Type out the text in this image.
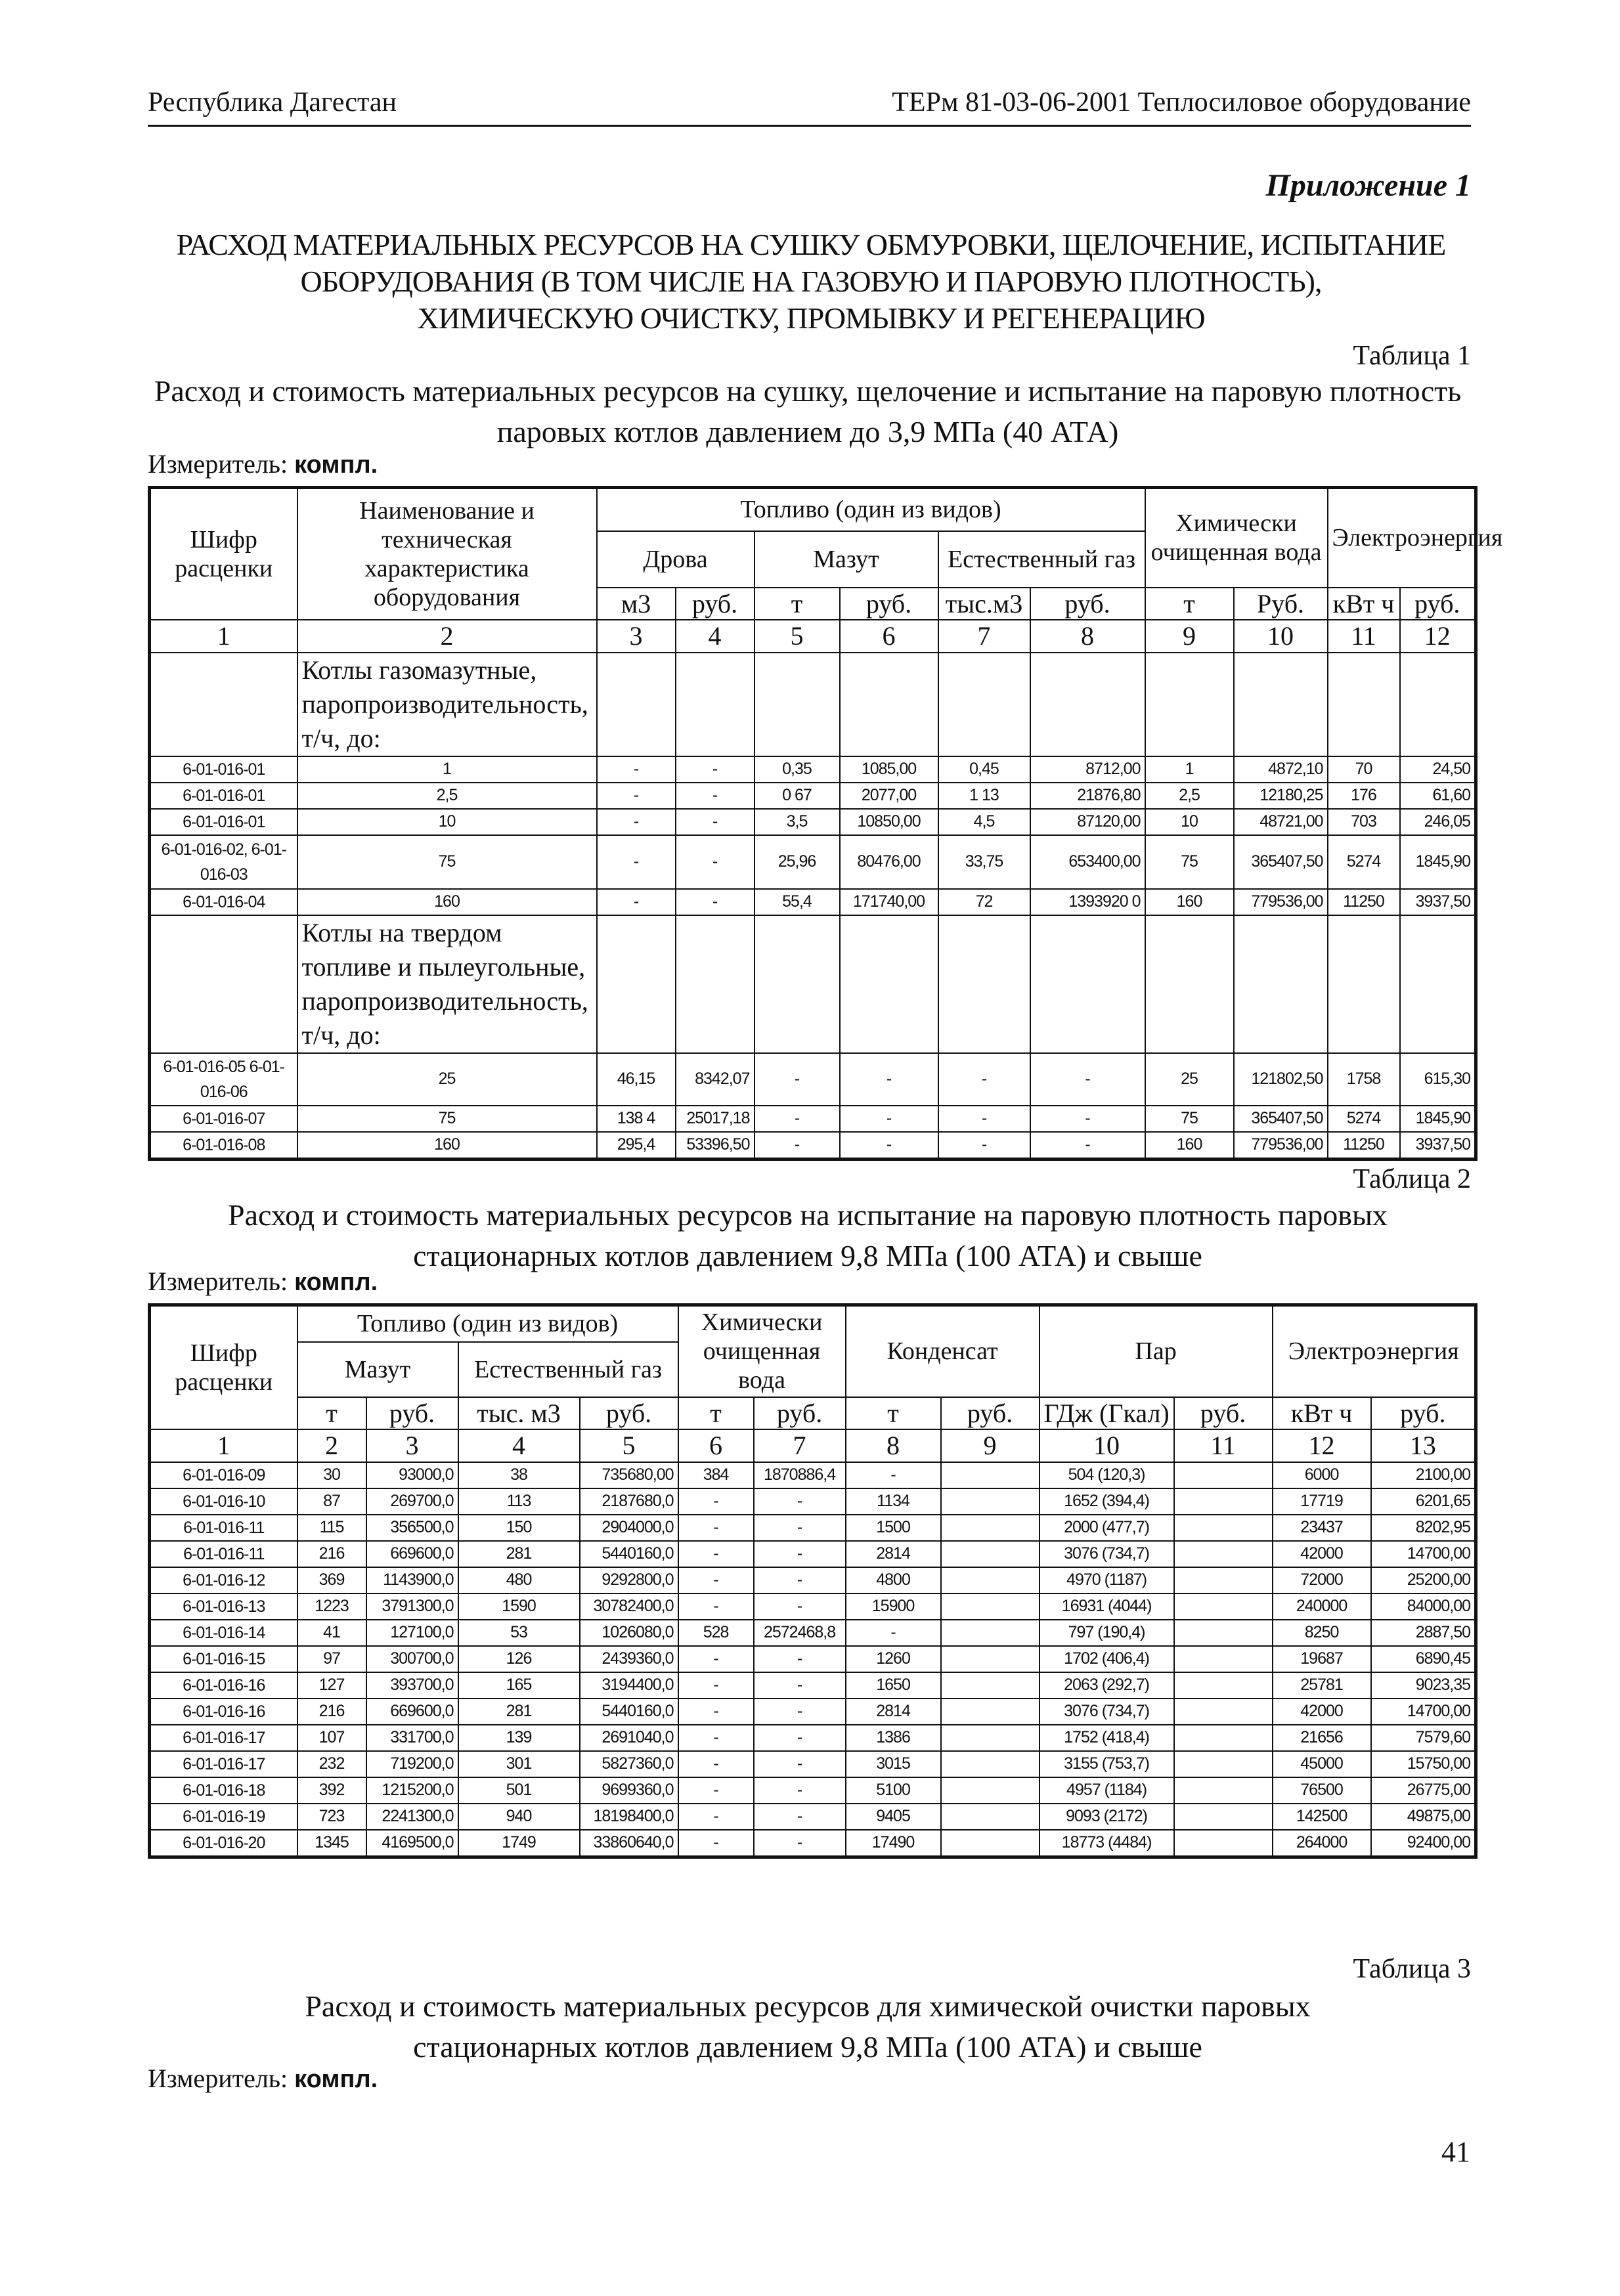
Республика Дагестан	ТЕРм 81-03-06-2001 Теплосиловое оборудование
Приложение 1
РАСХОД МАТЕРИАЛЬНЫХ РЕСУРСОВ НА СУШКУ ОБМУРОВКИ, ЩЕЛОЧЕНИЕ, ИСПЫТАНИЕ
ОБОРУДОВАНИЯ (В ТОМ ЧИСЛЕ НА ГАЗОВУЮ И ПАРОВУЮ ПЛОТНОСТЬ),
ХИМИЧЕСКУЮ ОЧИСТКУ, ПРОМЫВКУ И РЕГЕНЕРАЦИЮ
Таблица 1
Расход и стоимость материальных ресурсов на сушку, щелочение и испытание на паровую плотность
паровых котлов давлением до 3,9 МПа (40 АТА)
Измеритель: компл.
Шифр расценки	Наименование и техническая характеристика оборудования	Топливо (один из видов)						Химически очищенная вода		Электроэнергия	
		Дрова		Мазут		Естественный газ					
		м3	руб.	т	руб.	тыс.м3	руб.	т	Руб.	кВт ч	руб.
1	2	3	4	5	6	7	8	9	10	11	12
	Котлы газомазутные, паропроизводительность, т/ч, до:										
6-01-016-01	1	-	-	0,35	1085,00	0,45	8712,00	1	4872,10	70	24,50
6-01-016-01	2,5	-	-	0 67	2077,00	1 13	21876,80	2,5	12180,25	176	61,60
6-01-016-01	10	-	-	3,5	10850,00	4,5	87120,00	10	48721,00	703	246,05
6-01-016-02, 6-01-016-03	75	-	-	25,96	80476,00	33,75	653400,00	75	365407,50	5274	1845,90
6-01-016-04	160	-	-	55,4	171740,00	72	1393920 0	160	779536,00	11250	3937,50
	Котлы на твердом топливе и пылеугольные, паропроизводительность, т/ч, до:										
6-01-016-05 6-01-016-06	25	46,15	8342,07	-	-	-	-	25	121802,50	1758	615,30
6-01-016-07	75	138 4	25017,18	-	-	-	-	75	365407,50	5274	1845,90
6-01-016-08	160	295,4	53396,50	-	-	-	-	160	779536,00	11250	3937,50
Таблица 2
Расход и стоимость материальных ресурсов на испытание на паровую плотность паровых
стационарных котлов давлением 9,8 МПа (100 АТА) и свыше
Измеритель: компл.
Шифр расценки	Топливо (один из видов)				Химически очищенная вода		Конденсат		Пар		Электроэнергия	
	Мазут		Естественный газ									
	т	руб.	тыс. м3	руб.	т	руб.	т	руб.	ГДж (Гкал)	руб.	кВт ч	руб.
1	2	3	4	5	6	7	8	9	10	11	12	13
6-01-016-09	30	93000,0	38	735680,00	384	1870886,4	-		504 (120,3)		6000	2100,00
6-01-016-10	87	269700,0	113	2187680,0	-	-	1134		1652 (394,4)		17719	6201,65
6-01-016-11	115	356500,0	150	2904000,0	-	-	1500		2000 (477,7)		23437	8202,95
6-01-016-11	216	669600,0	281	5440160,0	-	-	2814		3076 (734,7)		42000	14700,00
6-01-016-12	369	1143900,0	480	9292800,0	-	-	4800		4970 (1187)		72000	25200,00
6-01-016-13	1223	3791300,0	1590	30782400,0	-	-	15900		16931 (4044)		240000	84000,00
6-01-016-14	41	127100,0	53	1026080,0	528	2572468,8	-		797 (190,4)		8250	2887,50
6-01-016-15	97	300700,0	126	2439360,0	-	-	1260		1702 (406,4)		19687	6890,45
6-01-016-16	127	393700,0	165	3194400,0	-	-	1650		2063 (292,7)		25781	9023,35
6-01-016-16	216	669600,0	281	5440160,0	-	-	2814		3076 (734,7)		42000	14700,00
6-01-016-17	107	331700,0	139	2691040,0	-	-	1386		1752 (418,4)		21656	7579,60
6-01-016-17	232	719200,0	301	5827360,0	-	-	3015		3155 (753,7)		45000	15750,00
6-01-016-18	392	1215200,0	501	9699360,0	-	-	5100		4957 (1184)		76500	26775,00
6-01-016-19	723	2241300,0	940	18198400,0	-	-	9405		9093 (2172)		142500	49875,00
6-01-016-20	1345	4169500,0	1749	33860640,0	-	-	17490		18773 (4484)		264000	92400,00
Таблица 3
Расход и стоимость материальных ресурсов для химической очистки паровых
стационарных котлов давлением 9,8 МПа (100 АТА) и свыше
Измеритель: компл.
41
